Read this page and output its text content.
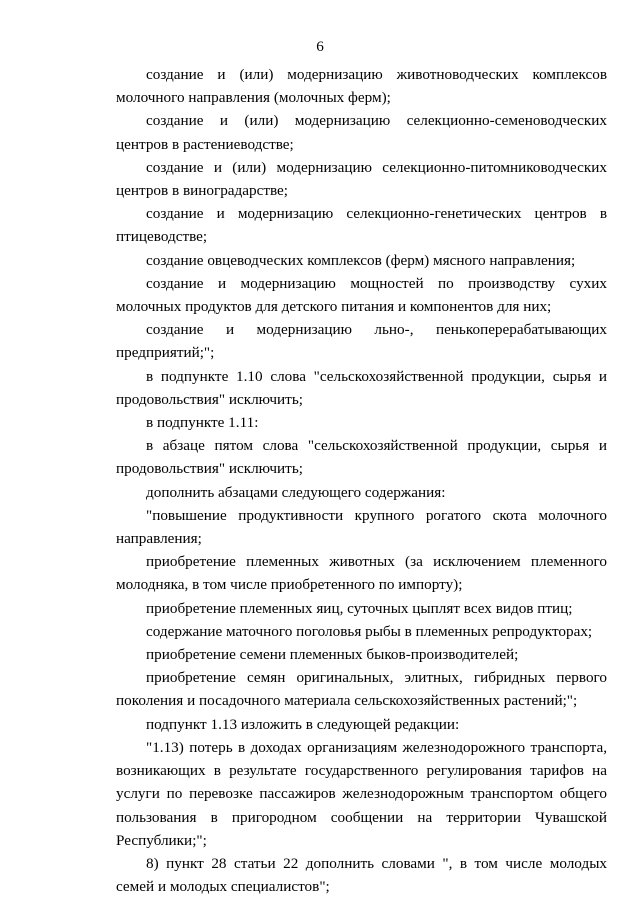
6

создание и (или) модернизацию животноводческих комплексов молочного направления (молочных ферм);

создание и (или) модернизацию селекционно-семеноводческих центров в растениеводстве;

создание и (или) модернизацию селекционно-питомниководческих центров в виноградарстве;

создание и модернизацию селекционно-генетических центров в птицеводстве;

создание овцеводческих комплексов (ферм) мясного направления;

создание и модернизацию мощностей по производству сухих молочных продуктов для детского питания и компонентов для них;

создание и модернизацию льно-, пенькоперерабатывающих предприятий;";

в подпункте 1.10 слова "сельскохозяйственной продукции, сырья и продовольствия" исключить;

в подпункте 1.11:

в абзаце пятом слова "сельскохозяйственной продукции, сырья и продовольствия" исключить;

дополнить абзацами следующего содержания:

"повышение продуктивности крупного рогатого скота молочного направления;

приобретение племенных животных (за исключением племенного молодняка, в том числе приобретенного по импорту);

приобретение племенных яиц, суточных цыплят всех видов птиц;

содержание маточного поголовья рыбы в племенных репродукторах;

приобретение семени племенных быков-производителей;

приобретение семян оригинальных, элитных, гибридных первого поколения и посадочного материала сельскохозяйственных растений;";

подпункт 1.13 изложить в следующей редакции:

"1.13) потерь в доходах организациям железнодорожного транспорта, возникающих в результате государственного регулирования тарифов на услуги по перевозке пассажиров железнодорожным транспортом общего пользования в пригородном сообщении на территории Чувашской Республики;";

8) пункт 28 статьи 22 дополнить словами ", в том числе молодых семей и молодых специалистов";
